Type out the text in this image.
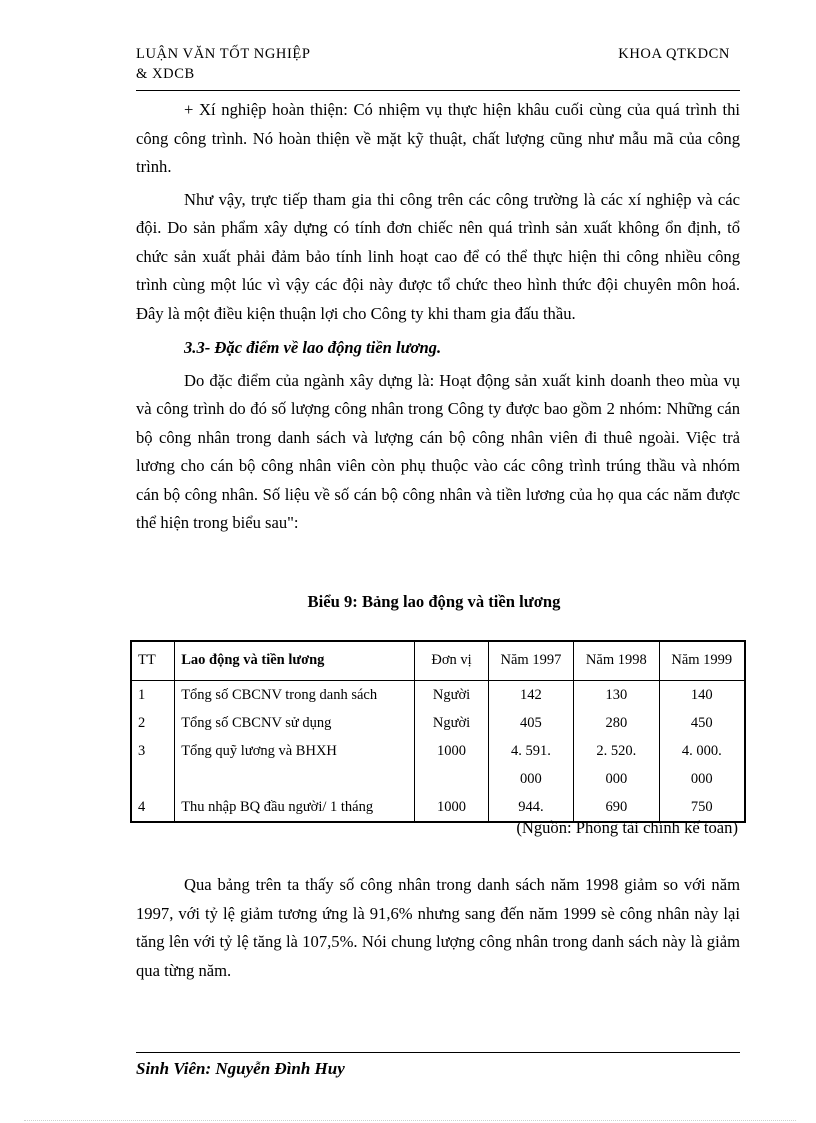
LUẬN VĂN TỐT NGHIỆP
& XDCB
KHOA QTKDCN

+ Xí nghiệp hoàn thiện: Có nhiệm vụ thực hiện khâu cuối cùng của quá trình thi công công trình. Nó hoàn thiện về mặt kỹ thuật, chất lượng cũng như mẫu mã của công trình.

Như vậy, trực tiếp tham gia thi công trên các công trường là các xí nghiệp và các đội. Do sản phẩm xây dựng có tính đơn chiếc nên quá trình sản xuất không ổn định, tổ chức sản xuất phải đảm bảo tính linh hoạt cao để có thể thực hiện thi công nhiều công trình cùng một lúc vì vậy các đội này được tổ chức theo hình thức đội chuyên môn hoá. Đây là một điều kiện thuận lợi cho Công ty khi tham gia đấu thầu.

3.3- Đặc điểm về lao động tiền lương.

Do đặc điểm của ngành xây dựng là: Hoạt động sản xuất kinh doanh theo mùa vụ và công trình do đó số lượng công nhân trong Công ty được bao gồm 2 nhóm: Những cán bộ công nhân trong danh sách và lượng cán bộ công nhân viên đi thuê ngoài. Việc trả lương cho cán bộ công nhân viên còn phụ thuộc vào các công trình trúng thầu và nhóm cán bộ công nhân. Số liệu về số cán bộ công nhân và tiền lương của họ qua các năm được thể hiện trong biểu sau":

Biểu 9: Bảng lao động và tiền lương
TT	Lao động và tiền lương	Đơn vị	Năm 1997	Năm 1998	Năm 1999
1	Tổng số CBCNV trong danh sách	Người	142	130	140
2	Tổng số CBCNV sử dụng	Người	405	280	450
3	Tổng quỹ lương và BHXH	1000	4. 591.	2. 520.	4. 000.
			000	000	000
4	Thu nhập BQ đầu người/ 1 tháng	1000	944.	690	750
(Nguồn: Phòng tài chính kế toán)

Qua bảng trên ta thấy số công nhân trong danh sách năm 1998 giảm so với năm 1997, với tỷ lệ giảm tương ứng là 91,6% nhưng sang đến năm 1999 sè công nhân này lại tăng lên với tỷ lệ tăng là 107,5%. Nói chung lượng công nhân trong danh sách này là giảm qua từng năm.

Sinh Viên: Nguyễn Đình Huy
